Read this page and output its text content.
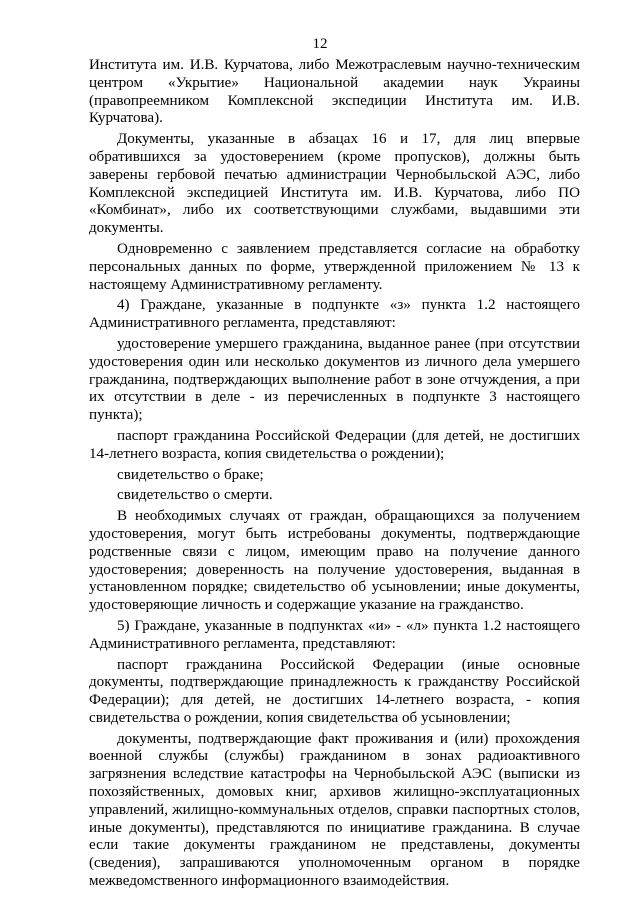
12

Института им. И.В. Курчатова, либо Межотраслевым научно-техническим центром «Укрытие» Национальной академии наук Украины (правопреемником Комплексной экспедиции Института им. И.В. Курчатова).

Документы, указанные в абзацах 16 и 17, для лиц впервые обратившихся за удостоверением (кроме пропусков), должны быть заверены гербовой печатью администрации Чернобыльской АЭС, либо Комплексной экспедицией Института им. И.В. Курчатова, либо ПО «Комбинат», либо их соответствующими службами, выдавшими эти документы.

Одновременно с заявлением представляется согласие на обработку персональных данных по форме, утвержденной приложением № 13 к настоящему Административному регламенту.

4) Граждане, указанные в подпункте «з» пункта 1.2 настоящего Административного регламента, представляют:

удостоверение умершего гражданина, выданное ранее (при отсутствии удостоверения один или несколько документов из личного дела умершего гражданина, подтверждающих выполнение работ в зоне отчуждения, а при их отсутствии в деле - из перечисленных в подпункте 3 настоящего пункта);

паспорт гражданина Российской Федерации (для детей, не достигших 14-летнего возраста, копия свидетельства о рождении);

свидетельство о браке;

свидетельство о смерти.

В необходимых случаях от граждан, обращающихся за получением удостоверения, могут быть истребованы документы, подтверждающие родственные связи с лицом, имеющим право на получение данного удостоверения; доверенность на получение удостоверения, выданная в установленном порядке; свидетельство об усыновлении; иные документы, удостоверяющие личность и содержащие указание на гражданство.

5) Граждане, указанные в подпунктах «и» - «л» пункта 1.2 настоящего Административного регламента, представляют:

паспорт гражданина Российской Федерации (иные основные документы, подтверждающие принадлежность к гражданству Российской Федерации); для детей, не достигших 14-летнего возраста, - копия свидетельства о рождении, копия свидетельства об усыновлении;

документы, подтверждающие факт проживания и (или) прохождения военной службы (службы) гражданином в зонах радиоактивного загрязнения вследствие катастрофы на Чернобыльской АЭС (выписки из похозяйственных, домовых книг, архивов жилищно-эксплуатационных управлений, жилищно-коммунальных отделов, справки паспортных столов, иные документы), представляются по инициативе гражданина. В случае если такие документы гражданином не представлены, документы (сведения), запрашиваются уполномоченным органом в порядке межведомственного информационного взаимодействия.
